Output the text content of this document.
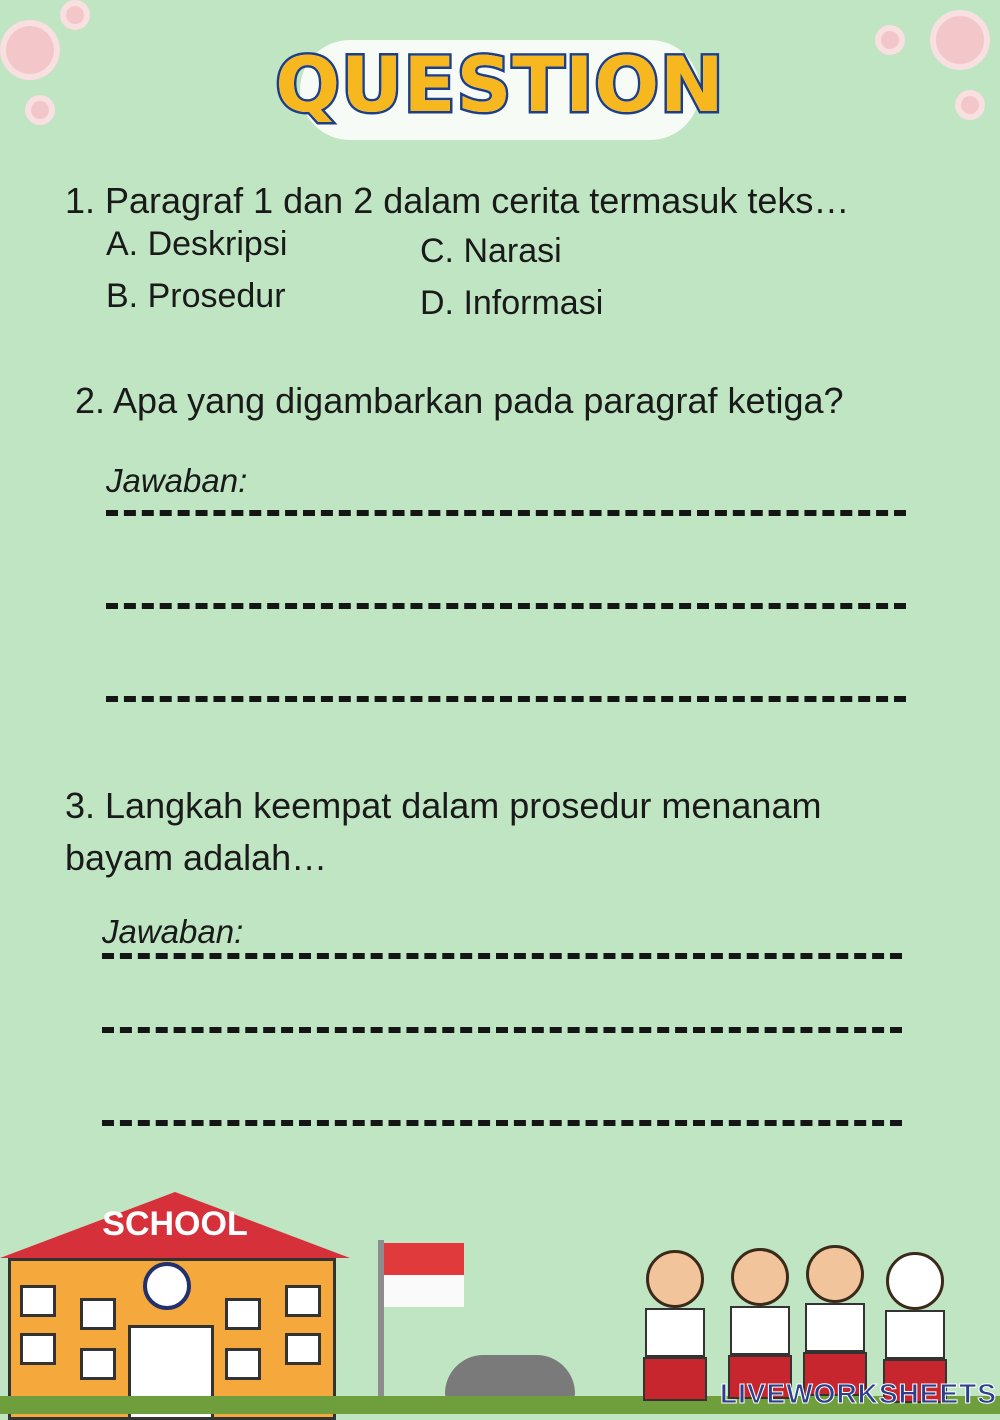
QUESTION
1. Paragraf 1 dan 2 dalam cerita termasuk teks…
A. Deskripsi
B. Prosedur
C. Narasi
D. Informasi
2. Apa yang digambarkan pada paragraf ketiga?
Jawaban:
3. Langkah keempat dalam prosedur menanam
bayam adalah…
Jawaban:
SCHOOL
LIVEWORKSHEETS
